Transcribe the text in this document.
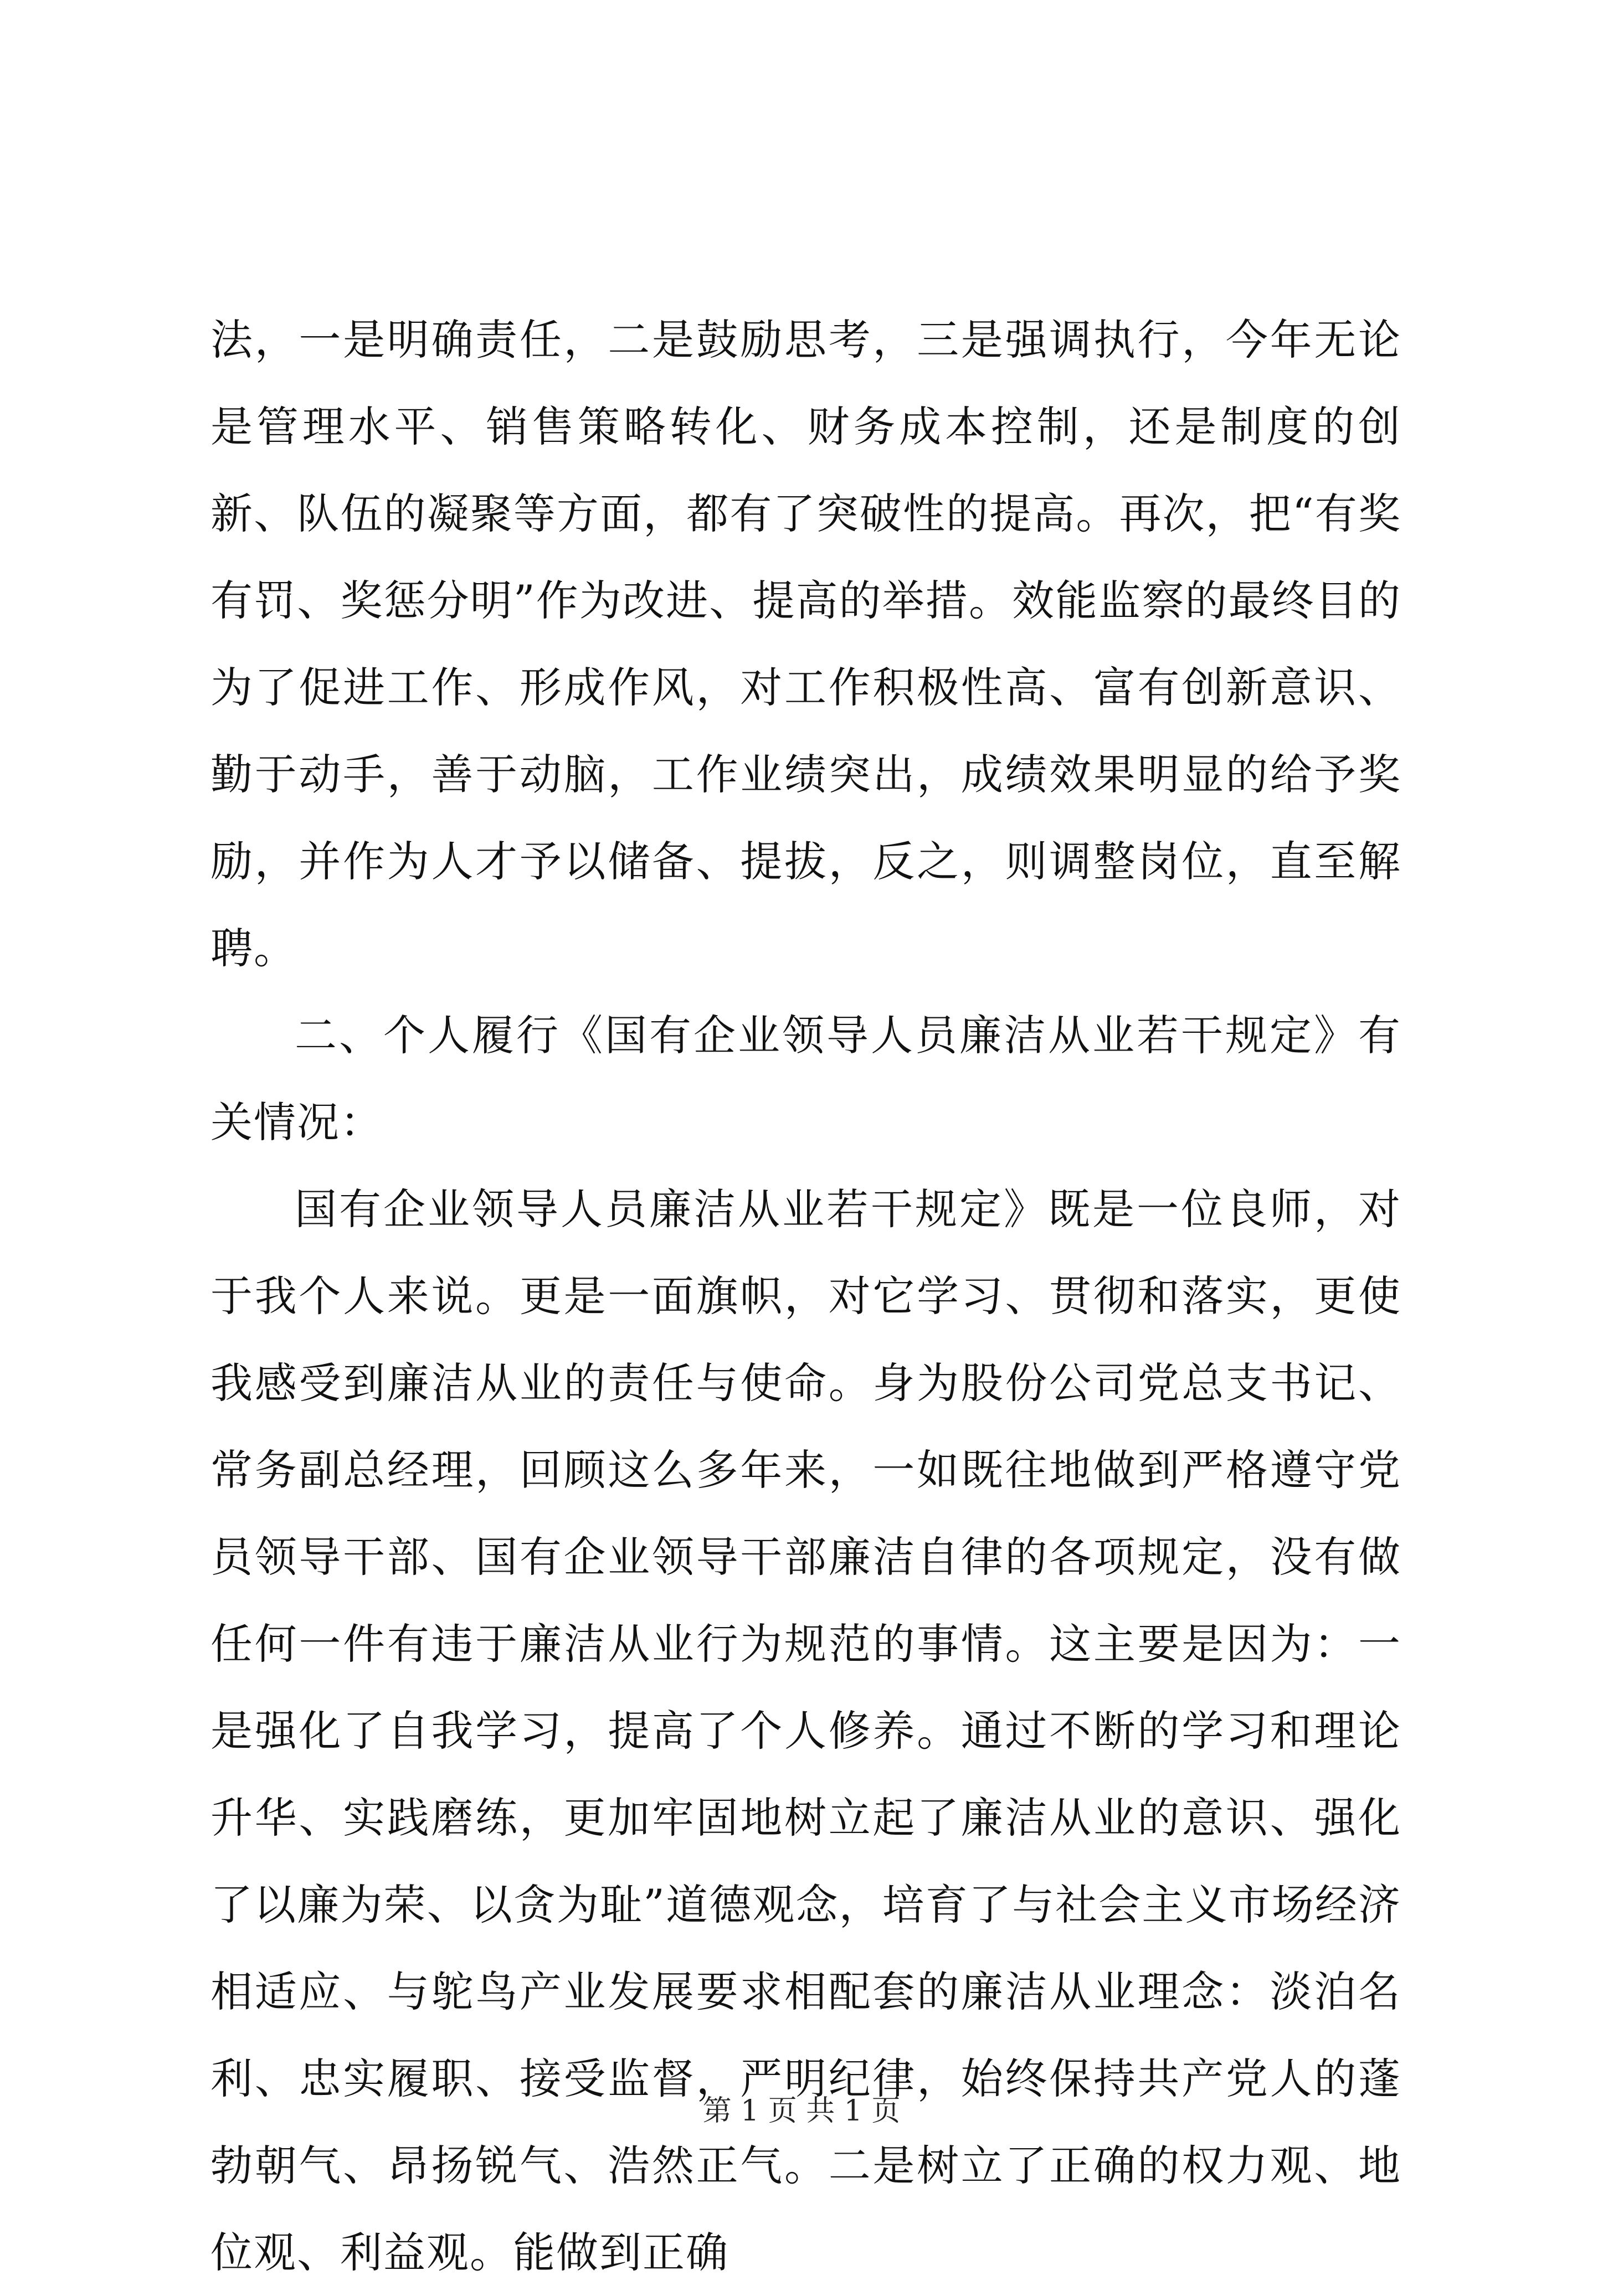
法，一是明确责任，二是鼓励思考，三是强调执行，今年无论是管理水平、销售策略转化、财务成本控制，还是制度的创新、队伍的凝聚等方面，都有了突破性的提高。再次，把“有奖有罚、奖惩分明”作为改进、提高的举措。效能监察的最终目的为了促进工作、形成作风，对工作积极性高、富有创新意识、勤于动手，善于动脑，工作业绩突出，成绩效果明显的给予奖励，并作为人才予以储备、提拔，反之，则调整岗位，直至解聘。

二、个人履行《国有企业领导人员廉洁从业若干规定》有关情况：

国有企业领导人员廉洁从业若干规定》既是一位良师，对于我个人来说。更是一面旗帜，对它学习、贯彻和落实，更使我感受到廉洁从业的责任与使命。身为股份公司党总支书记、常务副总经理，回顾这么多年来，一如既往地做到严格遵守党员领导干部、国有企业领导干部廉洁自律的各项规定，没有做任何一件有违于廉洁从业行为规范的事情。这主要是因为：一是强化了自我学习，提高了个人修养。通过不断的学习和理论升华、实践磨练，更加牢固地树立起了廉洁从业的意识、强化了以廉为荣、以贪为耻”道德观念，培育了与社会主义市场经济相适应、与鸵鸟产业发展要求相配套的廉洁从业理念：淡泊名利、忠实履职、接受监督，严明纪律，始终保持共产党人的蓬勃朝气、昂扬锐气、浩然正气。二是树立了正确的权力观、地位观、利益观。能做到正确

第 1 页 共 1 页
